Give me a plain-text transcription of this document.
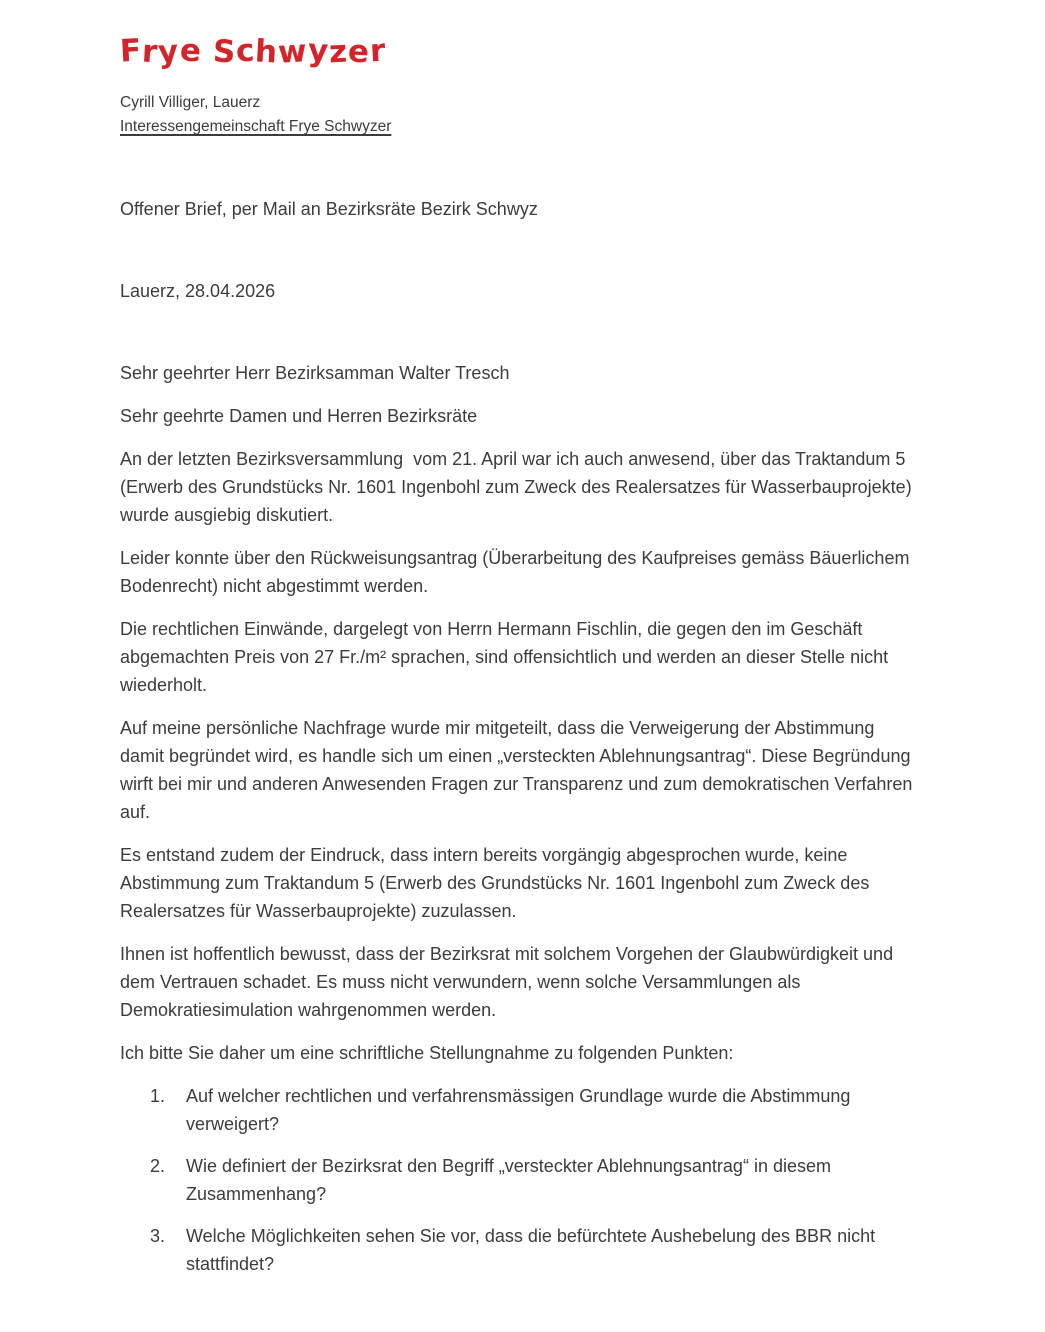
Frye Schwyzer

Cyrill Villiger, Lauerz

Interessengemeinschaft Frye Schwyzer

Offener Brief, per Mail an Bezirksräte Bezirk Schwyz

Lauerz, 28.04.2026

Sehr geehrter Herr Bezirksamman Walter Tresch

Sehr geehrte Damen und Herren Bezirksräte

An der letzten Bezirksversammlung  vom 21. April war ich auch anwesend, über das Traktandum 5 (Erwerb des Grundstücks Nr. 1601 Ingenbohl zum Zweck des Realersatzes für Wasserbauprojekte) wurde ausgiebig diskutiert.

Leider konnte über den Rückweisungsantrag (Überarbeitung des Kaufpreises gemäss Bäuerlichem Bodenrecht) nicht abgestimmt werden.

Die rechtlichen Einwände, dargelegt von Herrn Hermann Fischlin, die gegen den im Geschäft abgemachten Preis von 27 Fr./m² sprachen, sind offensichtlich und werden an dieser Stelle nicht wiederholt.

Auf meine persönliche Nachfrage wurde mir mitgeteilt, dass die Verweigerung der Abstimmung damit begründet wird, es handle sich um einen „versteckten Ablehnungsantrag“. Diese Begründung wirft bei mir und anderen Anwesenden Fragen zur Transparenz und zum demokratischen Verfahren auf.

Es entstand zudem der Eindruck, dass intern bereits vorgängig abgesprochen wurde, keine Abstimmung zum Traktandum 5 (Erwerb des Grundstücks Nr. 1601 Ingenbohl zum Zweck des Realersatzes für Wasserbauprojekte) zuzulassen.

Ihnen ist hoffentlich bewusst, dass der Bezirksrat mit solchem Vorgehen der Glaubwürdigkeit und dem Vertrauen schadet. Es muss nicht verwundern, wenn solche Versammlungen als Demokratiesimulation wahrgenommen werden.

Ich bitte Sie daher um eine schriftliche Stellungnahme zu folgenden Punkten:

1.	Auf welcher rechtlichen und verfahrensmässigen Grundlage wurde die Abstimmung verweigert?
2.	Wie definiert der Bezirksrat den Begriff „versteckter Ablehnungsantrag“ in diesem Zusammenhang?
3.	Welche Möglichkeiten sehen Sie vor, dass die befürchtete Aushebelung des BBR nicht stattfindet?
